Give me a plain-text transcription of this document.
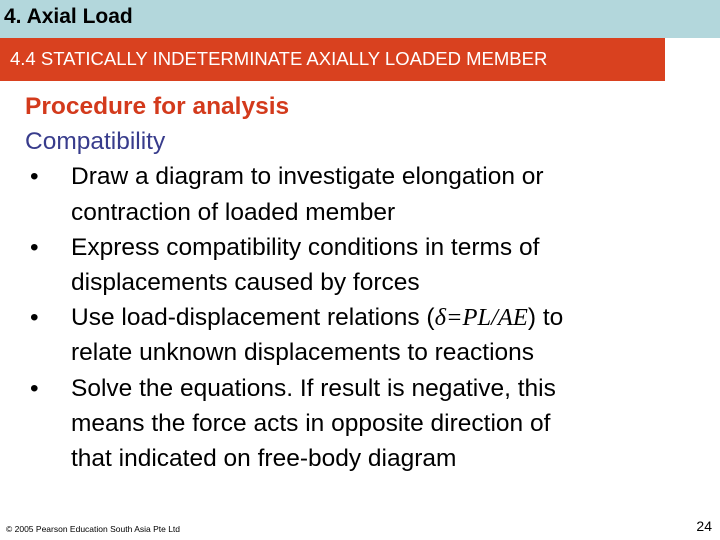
4. Axial Load
4.4 STATICALLY INDETERMINATE AXIALLY LOADED MEMBER
Procedure for analysis
Compatibility
•	Draw a diagram to investigate elongation or
contraction of loaded member
•	Express compatibility conditions in terms of
displacements caused by forces
•	Use load-displacement relations (δ=PL/AE) to
relate unknown displacements to reactions
•	Solve the equations. If result is negative, this
means the force acts in opposite direction of
that indicated on free-body diagram
© 2005 Pearson Education South Asia Pte Ltd	24
